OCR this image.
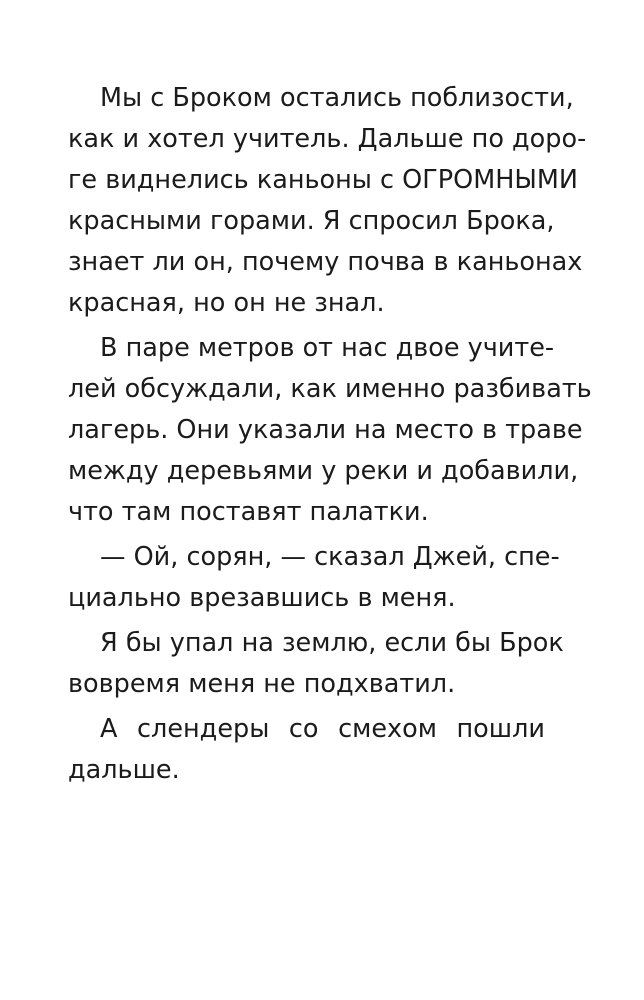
Мы с Броком остались поблизости,
как и хотел учитель. Дальше по доро-
ге виднелись каньоны с ОГРОМНЫМИ
красными горами. Я спросил Брока,
знает ли он, почему почва в каньонах
красная, но он не знал.
В паре метров от нас двое учите-
лей обсуждали, как именно разбивать
лагерь. Они указали на место в траве
между деревьями у реки и добавили,
что там поставят палатки.
— Ой, сорян, — сказал Джей, спе-
циально врезавшись в меня.
Я бы упал на землю, если бы Брок
вовремя меня не подхватил.
А слендеры со смехом пошли
дальше.
